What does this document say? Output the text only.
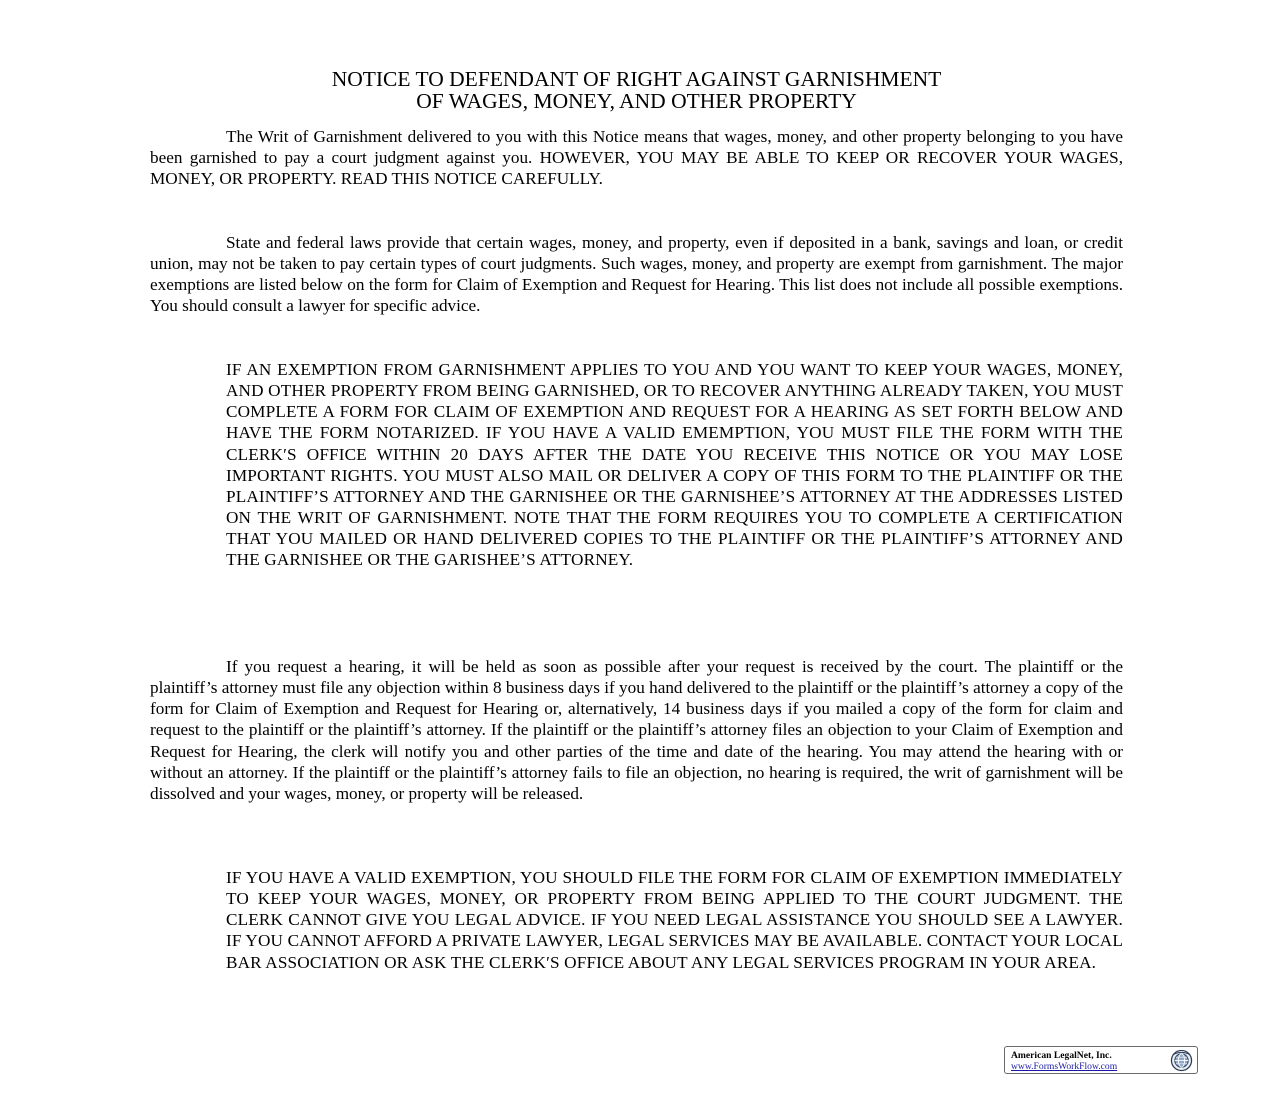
NOTICE TO DEFENDANT OF RIGHT AGAINST GARNISHMENT
OF WAGES, MONEY, AND OTHER PROPERTY

The Writ of Garnishment delivered to you with this Notice means that wages, money, and other property belonging to you have been garnished to pay a court judgment against you. HOWEVER, YOU MAY BE ABLE TO KEEP OR RECOVER YOUR WAGES, MONEY, OR PROPERTY. READ THIS NOTICE CAREFULLY.

State and federal laws provide that certain wages, money, and property, even if deposited in a bank, savings and loan, or credit union, may not be taken to pay certain types of court judgments. Such wages, money, and property are exempt from garnishment. The major exemptions are listed below on the form for Claim of Exemption and Request for Hearing. This list does not include all possible exemptions. You should consult a lawyer for specific advice.

IF AN EXEMPTION FROM GARNISHMENT APPLIES TO YOU AND YOU WANT TO KEEP YOUR WAGES, MONEY, AND OTHER PROPERTY FROM BEING GARNISHED, OR TO RECOVER ANYTHING ALREADY TAKEN, YOU MUST COMPLETE A FORM FOR CLAIM OF EXEMPTION AND REQUEST FOR A HEARING AS SET FORTH BELOW AND HAVE THE FORM NOTARIZED. IF YOU HAVE A VALID EMEMPTION, YOU MUST FILE THE FORM WITH THE CLERK′S OFFICE WITHIN 20 DAYS AFTER THE DATE YOU RECEIVE THIS NOTICE OR YOU MAY LOSE IMPORTANT RIGHTS. YOU MUST ALSO MAIL OR DELIVER A COPY OF THIS FORM TO THE PLAINTIFF OR THE PLAINTIFF’S ATTORNEY AND THE GARNISHEE OR THE GARNISHEE’S ATTORNEY AT THE ADDRESSES LISTED ON THE WRIT OF GARNISHMENT. NOTE THAT THE FORM REQUIRES YOU TO COMPLETE A CERTIFICATION THAT YOU MAILED OR HAND DELIVERED COPIES TO THE PLAINTIFF OR THE PLAINTIFF’S ATTORNEY AND THE GARNISHEE OR THE GARISHEE’S ATTORNEY.

If you request a hearing, it will be held as soon as possible after your request is received by the court. The plaintiff or the plaintiff’s attorney must file any objection within 8 business days if you hand delivered to the plaintiff or the plaintiff’s attorney a copy of the form for Claim of Exemption and Request for Hearing or, alternatively, 14 business days if you mailed a copy of the form for claim and request to the plaintiff or the plaintiff’s attorney. If the plaintiff or the plaintiff’s attorney files an objection to your Claim of Exemption and Request for Hearing, the clerk will notify you and other parties of the time and date of the hearing. You may attend the hearing with or without an attorney. If the plaintiff or the plaintiff’s attorney fails to file an objection, no hearing is required, the writ of garnishment will be dissolved and your wages, money, or property will be released.

IF YOU HAVE A VALID EXEMPTION, YOU SHOULD FILE THE FORM FOR CLAIM OF EXEMPTION IMMEDIATELY TO KEEP YOUR WAGES, MONEY, OR PROPERTY FROM BEING APPLIED TO THE COURT JUDGMENT. THE CLERK CANNOT GIVE YOU LEGAL ADVICE. IF YOU NEED LEGAL ASSISTANCE YOU SHOULD SEE A LAWYER. IF YOU CANNOT AFFORD A PRIVATE LAWYER, LEGAL SERVICES MAY BE AVAILABLE. CONTACT YOUR LOCAL BAR ASSOCIATION OR ASK THE CLERK′S OFFICE ABOUT ANY LEGAL SERVICES PROGRAM IN YOUR AREA.

American LegalNet, Inc.
www.FormsWorkFlow.com
